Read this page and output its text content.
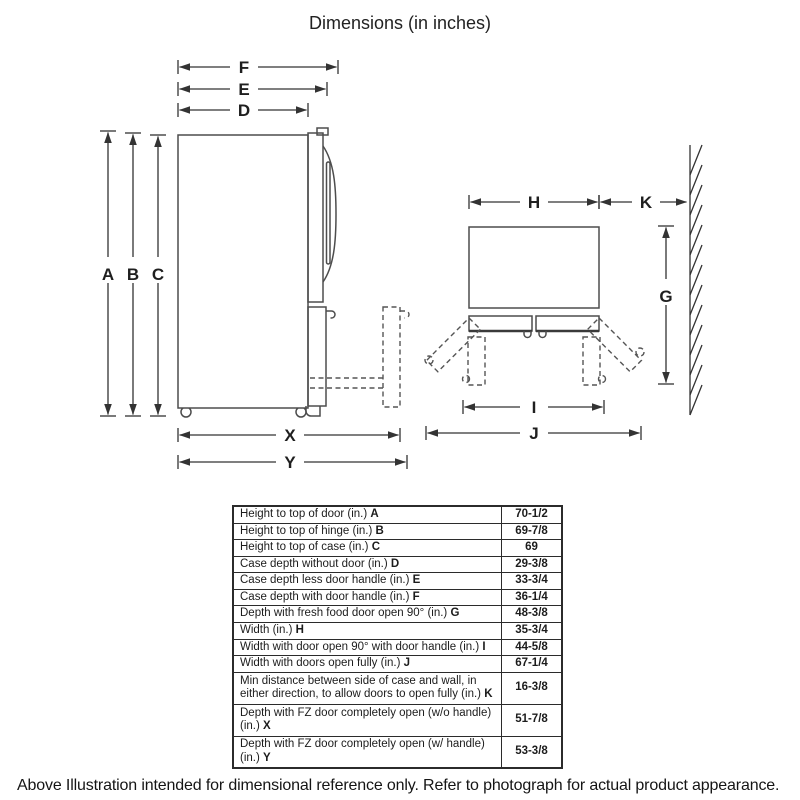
Dimensions (in inches)
F
E
D
X
Y
H	K
I
J
A B C
G
Height to top of door (in.) A	70-1/2
Height to top of hinge (in.) B	69-7/8
Height to top of case (in.) C	69
Case depth without door (in.) D	29-3/8
Case depth less door handle (in.) E	33-3/4
Case depth with door handle (in.) F	36-1/4
Depth with fresh food door open 90° (in.) G	48-3/8
Width (in.) H	35-3/4
Width with door open 90° with door handle (in.) I	44-5/8
Width with doors open fully (in.) J	67-1/4
Min distance between side of case and wall, in either direction, to allow doors to open fully (in.) K	16-3/8
Depth with FZ door completely open (w/o handle) (in.) X	51-7/8
Depth with FZ door completely open (w/ handle) (in.) Y	53-3/8
Above Illustration intended for dimensional reference only. Refer to photograph for actual product appearance.
